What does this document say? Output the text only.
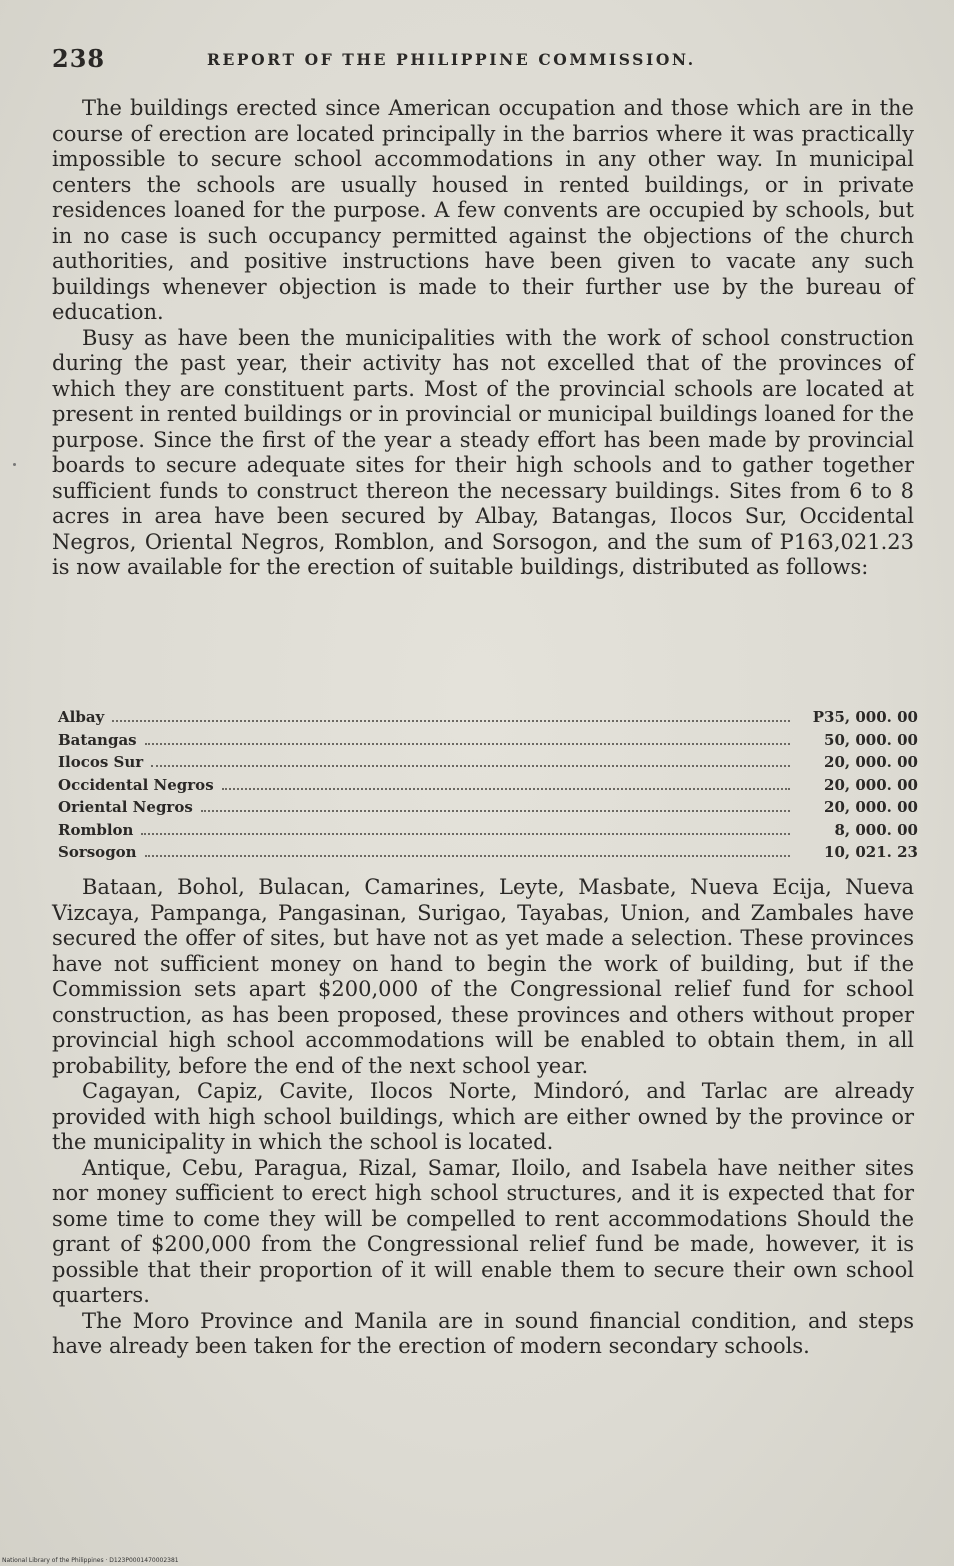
238	REPORT OF THE PHILIPPINE COMMISSION.

The buildings erected since American occupation and those which are in the course of erection are located principally in the barrios where it was practically impossible to secure school accommodations in any other way. In municipal centers the schools are usually housed in rented buildings, or in private residences loaned for the purpose. A few convents are occupied by schools, but in no case is such occupancy permitted against the objections of the church authorities, and positive instructions have been given to vacate any such buildings whenever objection is made to their further use by the bureau of education.

Busy as have been the municipalities with the work of school construction during the past year, their activity has not excelled that of the provinces of which they are constituent parts. Most of the provincial schools are located at present in rented buildings or in provincial or municipal buildings loaned for the purpose. Since the first of the year a steady effort has been made by provincial boards to secure adequate sites for their high schools and to gather together sufficient funds to construct thereon the necessary buildings. Sites from 6 to 8 acres in area have been secured by Albay, Batangas, Ilocos Sur, Occidental Negros, Oriental Negros, Romblon, and Sorsogon, and the sum of P163,021.23 is now available for the erection of suitable buildings, distributed as follows:

Albay	P35, 000. 00
Batangas	50, 000. 00
Ilocos Sur	20, 000. 00
Occidental Negros	20, 000. 00
Oriental Negros	20, 000. 00
Romblon	8, 000. 00
Sorsogon	10, 021. 23

Bataan, Bohol, Bulacan, Camarines, Leyte, Masbate, Nueva Ecija, Nueva Vizcaya, Pampanga, Pangasinan, Surigao, Tayabas, Union, and Zambales have secured the offer of sites, but have not as yet made a selection. These provinces have not sufficient money on hand to begin the work of building, but if the Commission sets apart $200,000 of the Congressional relief fund for school construction, as has been proposed, these provinces and others without proper provincial high school accommodations will be enabled to obtain them, in all probability, before the end of the next school year.

Cagayan, Capiz, Cavite, Ilocos Norte, Mindoró, and Tarlac are already provided with high school buildings, which are either owned by the province or the municipality in which the school is located.

Antique, Cebu, Paragua, Rizal, Samar, Iloilo, and Isabela have neither sites nor money sufficient to erect high school structures, and it is expected that for some time to come they will be compelled to rent accommodations Should the grant of $200,000 from the Congressional relief fund be made, however, it is possible that their proportion of it will enable them to secure their own school quarters.

The Moro Province and Manila are in sound financial condition, and steps have already been taken for the erection of modern secondary schools.

National Library of the Philippines · D123P0001470002381
